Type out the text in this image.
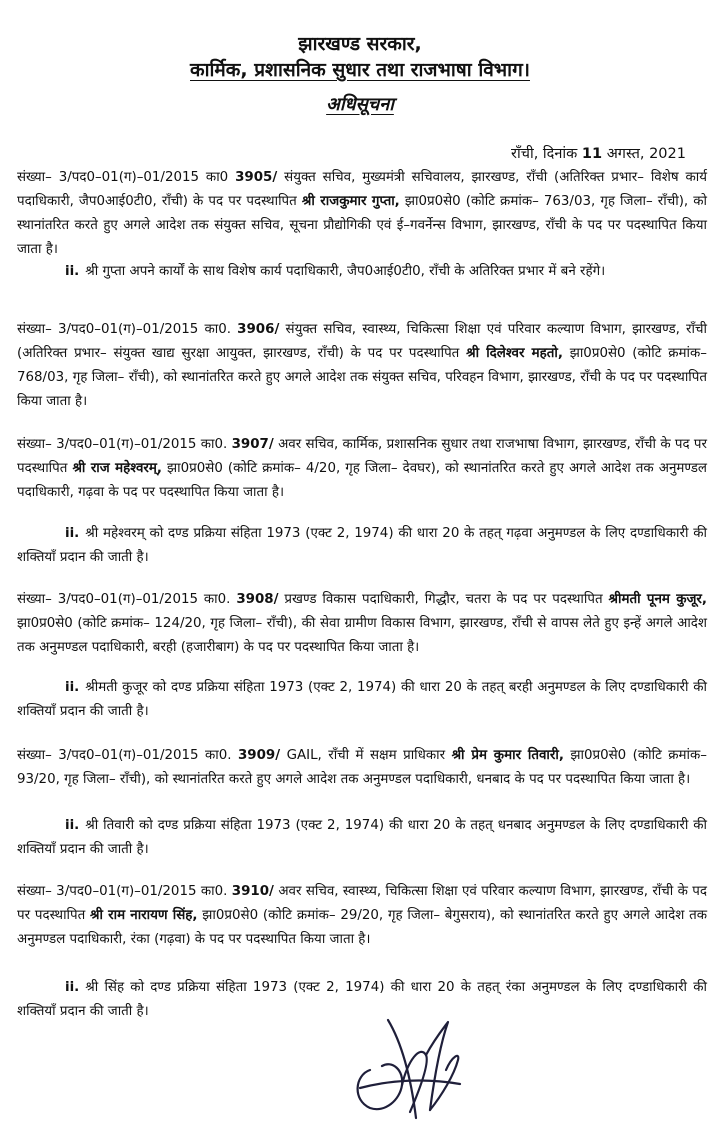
झारखण्ड सरकार,
कार्मिक, प्रशासनिक सुधार तथा राजभाषा विभाग।
अधिसूचना
राँची, दिनांक 11 अगस्त, 2021

संख्या– 3/पद0–01(ग)–01/2015 का0 3905/ संयुक्त सचिव, मुख्यमंत्री सचिवालय, झारखण्ड, राँची (अतिरिक्त प्रभार– विशेष कार्य पदाधिकारी, जैप0आई0टी0, राँची) के पद पर पदस्थापित श्री राजकुमार गुप्ता, झा0प्र0से0 (कोटि क्रमांक– 763/03, गृह जिला– राँची), को स्थानांतरित करते हुए अगले आदेश तक संयुक्त सचिव, सूचना प्रौद्योगिकी एवं ई–गवर्नेन्स विभाग, झारखण्ड, राँची के पद पर पदस्थापित किया जाता है।

ii. श्री गुप्ता अपने कार्यों के साथ विशेष कार्य पदाधिकारी, जैप0आई0टी0, राँची के अतिरिक्त प्रभार में बने रहेंगे।

संख्या– 3/पद0–01(ग)–01/2015 का0. 3906/ संयुक्त सचिव, स्वास्थ्य, चिकित्सा शिक्षा एवं परिवार कल्याण विभाग, झारखण्ड, राँची (अतिरिक्त प्रभार– संयुक्त खाद्य सुरक्षा आयुक्त, झारखण्ड, राँची) के पद पर पदस्थापित श्री दिलेश्वर महतो, झा0प्र0से0 (कोटि क्रमांक– 768/03, गृह जिला– राँची), को स्थानांतरित करते हुए अगले आदेश तक संयुक्त सचिव, परिवहन विभाग, झारखण्ड, राँची के पद पर पदस्थापित किया जाता है।

संख्या– 3/पद0–01(ग)–01/2015 का0. 3907/ अवर सचिव, कार्मिक, प्रशासनिक सुधार तथा राजभाषा विभाग, झारखण्ड, राँची के पद पर पदस्थापित श्री राज महेश्वरम्, झा0प्र0से0 (कोटि क्रमांक– 4/20, गृह जिला– देवघर), को स्थानांतरित करते हुए अगले आदेश तक अनुमण्डल पदाधिकारी, गढ़वा के पद पर पदस्थापित किया जाता है।

ii. श्री महेश्वरम् को दण्ड प्रक्रिया संहिता 1973 (एक्ट 2, 1974) की धारा 20 के तहत् गढ़वा अनुमण्डल के लिए दण्डाधिकारी की शक्तियाँ प्रदान की जाती है।

संख्या– 3/पद0–01(ग)–01/2015 का0. 3908/ प्रखण्ड विकास पदाधिकारी, गिद्धौर, चतरा के पद पर पदस्थापित श्रीमती पूनम कुजूर, झा0प्र0से0 (कोटि क्रमांक– 124/20, गृह जिला– राँची), की सेवा ग्रामीण विकास विभाग, झारखण्ड, राँची से वापस लेते हुए इन्हें अगले आदेश तक अनुमण्डल पदाधिकारी, बरही (हजारीबाग) के पद पर पदस्थापित किया जाता है।

ii. श्रीमती कुजूर को दण्ड प्रक्रिया संहिता 1973 (एक्ट 2, 1974) की धारा 20 के तहत् बरही अनुमण्डल के लिए दण्डाधिकारी की शक्तियाँ प्रदान की जाती है।

संख्या– 3/पद0–01(ग)–01/2015 का0. 3909/ GAIL, राँची में सक्षम प्राधिकार श्री प्रेम कुमार तिवारी, झा0प्र0से0 (कोटि क्रमांक– 93/20, गृह जिला– राँची), को स्थानांतरित करते हुए अगले आदेश तक अनुमण्डल पदाधिकारी, धनबाद के पद पर पदस्थापित किया जाता है।

ii. श्री तिवारी को दण्ड प्रक्रिया संहिता 1973 (एक्ट 2, 1974) की धारा 20 के तहत् धनबाद अनुमण्डल के लिए दण्डाधिकारी की शक्तियाँ प्रदान की जाती है।

संख्या– 3/पद0–01(ग)–01/2015 का0. 3910/ अवर सचिव, स्वास्थ्य, चिकित्सा शिक्षा एवं परिवार कल्याण विभाग, झारखण्ड, राँची के पद पर पदस्थापित श्री राम नारायण सिंह, झा0प्र0से0 (कोटि क्रमांक– 29/20, गृह जिला– बेगुसराय), को स्थानांतरित करते हुए अगले आदेश तक अनुमण्डल पदाधिकारी, रंका (गढ़वा) के पद पर पदस्थापित किया जाता है।

ii. श्री सिंह को दण्ड प्रक्रिया संहिता 1973 (एक्ट 2, 1974) की धारा 20 के तहत् रंका अनुमण्डल के लिए दण्डाधिकारी की शक्तियाँ प्रदान की जाती है।
